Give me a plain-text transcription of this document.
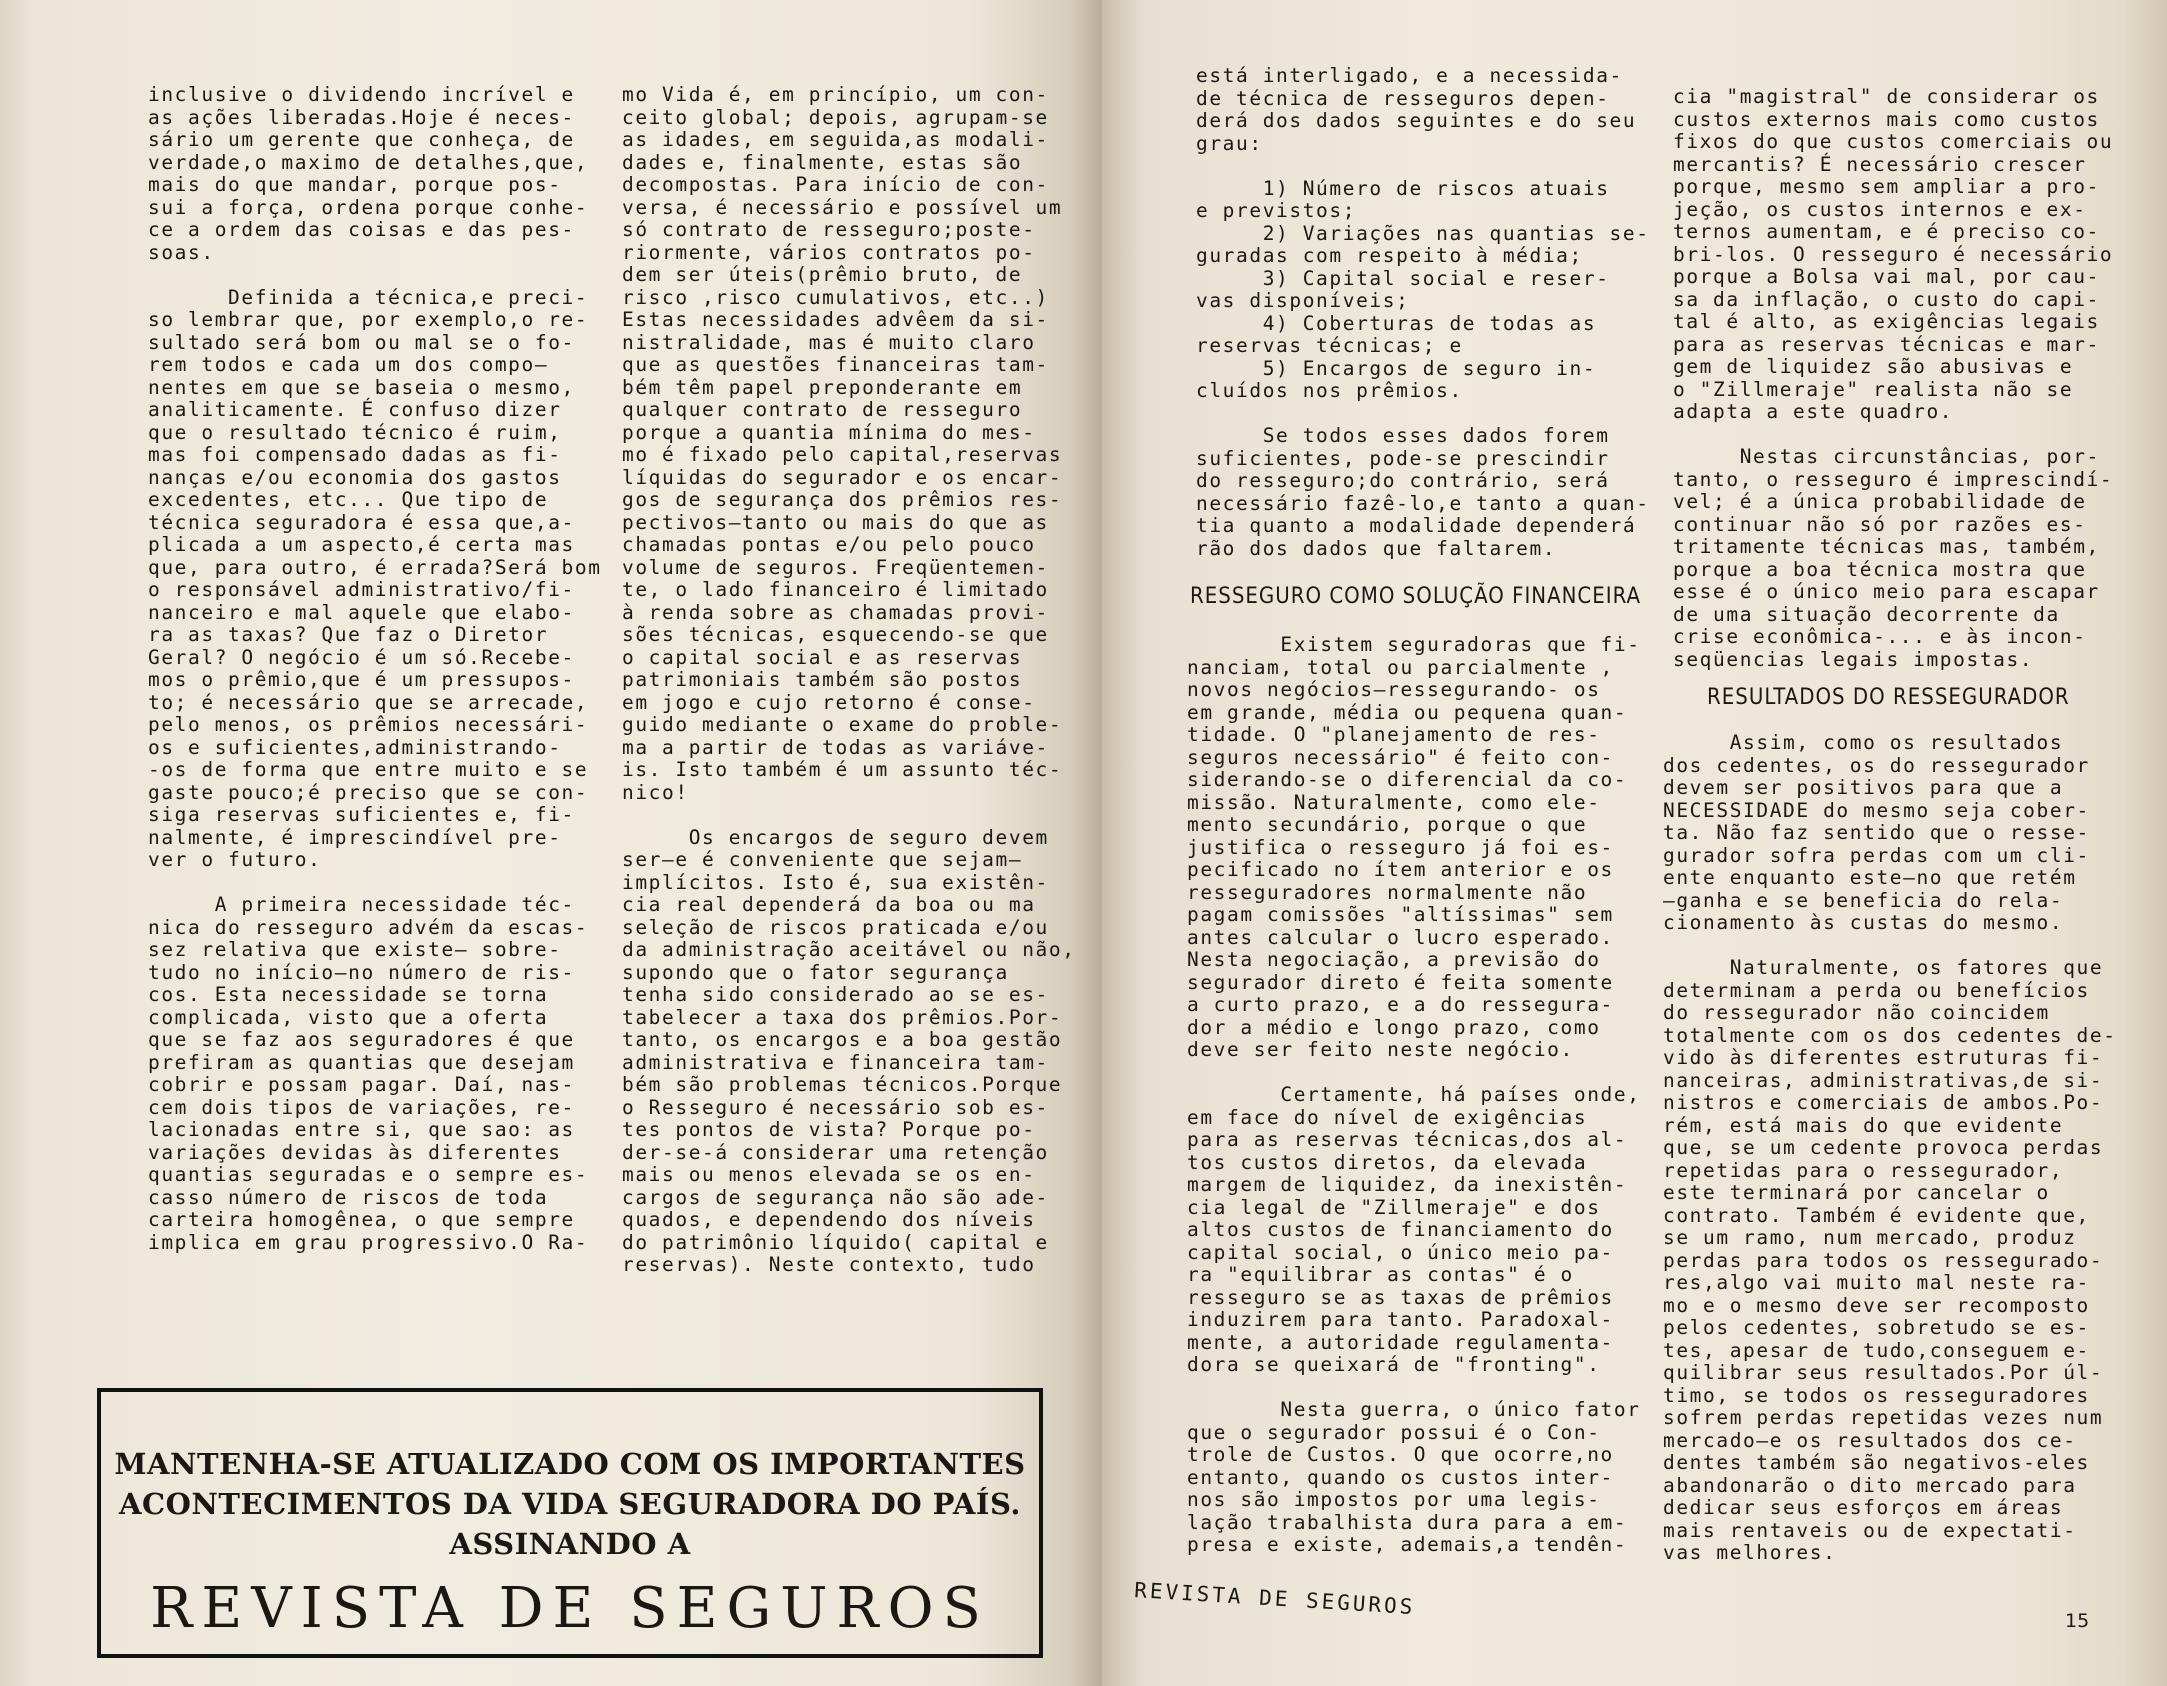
inclusive o dividendo incrível e
as ações liberadas.Hoje é neces-
sário um gerente que conheça, de
verdade,o maximo de detalhes,que,
mais do que mandar, porque pos-
sui a força, ordena porque conhe-
ce a ordem das coisas e das pes-
soas.

Definida a técnica,e preci-
so lembrar que, por exemplo,o re-
sultado será bom ou mal se o fo-
rem todos e cada um dos compo—
nentes em que se baseia o mesmo,
analiticamente. É confuso dizer
que o resultado técnico é ruim,
mas foi compensado dadas as fi-
nanças e/ou economia dos gastos
excedentes, etc... Que tipo de
técnica seguradora é essa que,a-
plicada a um aspecto,é certa mas
que, para outro, é errada?Será bom
o responsável administrativo/fi-
nanceiro e mal aquele que elabo-
ra as taxas? Que faz o Diretor
Geral? O negócio é um só.Recebe-
mos o prêmio,que é um pressupos-
to; é necessário que se arrecade,
pelo menos, os prêmios necessári-
os e suficientes,administrando-
-os de forma que entre muito e se
gaste pouco;é preciso que se con-
siga reservas suficientes e, fi-
nalmente, é imprescindível pre-
ver o futuro.

A primeira necessidade téc-
nica do resseguro advém da escas-
sez relativa que existe— sobre-
tudo no início—no número de ris-
cos. Esta necessidade se torna
complicada, visto que a oferta
que se faz aos seguradores é que
prefiram as quantias que desejam
cobrir e possam pagar. Daí, nas-
cem dois tipos de variações, re-
lacionadas entre si, que sao: as
variações devidas às diferentes
quantias seguradas e o sempre es-
casso número de riscos de toda
carteira homogênea, o que sempre
implica em grau progressivo.O Ra-

mo Vida é, em princípio, um con-
ceito global; depois, agrupam-se
as idades, em seguida,as modali-
dades e, finalmente, estas são
decompostas. Para início de con-
versa, é necessário e possível um
só contrato de resseguro;poste-
riormente, vários contratos po-
dem ser úteis(prêmio bruto, de
risco ,risco cumulativos, etc..)
Estas necessidades advêem da si-
nistralidade, mas é muito claro
que as questões financeiras tam-
bém têm papel preponderante em
qualquer contrato de resseguro
porque a quantia mínima do mes-
mo é fixado pelo capital,reservas
líquidas do segurador e os encar-
gos de segurança dos prêmios res-
pectivos—tanto ou mais do que as
chamadas pontas e/ou pelo pouco
volume de seguros. Freqüentemen-
te, o lado financeiro é limitado
à renda sobre as chamadas provi-
sões técnicas, esquecendo-se que
o capital social e as reservas
patrimoniais também são postos
em jogo e cujo retorno é conse-
guido mediante o exame do proble-
ma a partir de todas as variáve-
is. Isto também é um assunto téc-
nico!

Os encargos de seguro devem
ser—e é conveniente que sejam—
implícitos. Isto é, sua existên-
cia real dependerá da boa ou ma
seleção de riscos praticada e/ou
da administração aceitável ou não,
supondo que o fator segurança
tenha sido considerado ao se es-
tabelecer a taxa dos prêmios.Por-
tanto, os encargos e a boa gestão
administrativa e financeira tam-
bém são problemas técnicos.Porque
o Resseguro é necessário sob es-
tes pontos de vista? Porque po-
der-se-á considerar uma retenção
mais ou menos elevada se os en-
cargos de segurança não são ade-
quados, e dependendo dos níveis
do patrimônio líquido( capital e
reservas). Neste contexto, tudo

MANTENHA-SE ATUALIZADO COM OS IMPORTANTES

ACONTECIMENTOS DA VIDA SEGURADORA DO PAÍS.

ASSINANDO A

REVISTA DE SEGUROS

está interligado, e a necessida-
de técnica de resseguros depen-
derá dos dados seguintes e do seu
grau:

1) Número de riscos atuais
e previstos;
2) Variações nas quantias se-
guradas com respeito à média;
3) Capital social e reser-
vas disponíveis;
4) Coberturas de todas as
reservas técnicas; e
5) Encargos de seguro in-
cluídos nos prêmios.

Se todos esses dados forem
suficientes, pode-se prescindir
do resseguro;do contrário, será
necessário fazê-lo,e tanto a quan-
tia quanto a modalidade dependerá
rão dos dados que faltarem.

RESSEGURO COMO SOLUÇÃO FINANCEIRA

Existem seguradoras que fi-
nanciam, total ou parcialmente ,
novos negócios—ressegurando- os
em grande, média ou pequena quan-
tidade. O "planejamento de res-
seguros necessário" é feito con-
siderando-se o diferencial da co-
missão. Naturalmente, como ele-
mento secundário, porque o que
justifica o resseguro já foi es-
pecificado no ítem anterior e os
resseguradores normalmente não
pagam comissões "altíssimas" sem
antes calcular o lucro esperado.
Nesta negociação, a previsão do
segurador direto é feita somente
a curto prazo, e a do ressegura-
dor a médio e longo prazo, como
deve ser feito neste negócio.

Certamente, há países onde,
em face do nível de exigências
para as reservas técnicas,dos al-
tos custos diretos, da elevada
margem de liquidez, da inexistên-
cia legal de "Zillmeraje" e dos
altos custos de financiamento do
capital social, o único meio pa-
ra "equilibrar as contas" é o
resseguro se as taxas de prêmios
induzirem para tanto. Paradoxal-
mente, a autoridade regulamenta-
dora se queixará de "fronting".

Nesta guerra, o único fator
que o segurador possui é o Con-
trole de Custos. O que ocorre,no
entanto, quando os custos inter-
nos são impostos por uma legis-
lação trabalhista dura para a em-
presa e existe, ademais,a tendên-

cia "magistral" de considerar os
custos externos mais como custos
fixos do que custos comerciais ou
mercantis? É necessário crescer
porque, mesmo sem ampliar a pro-
jeção, os custos internos e ex-
ternos aumentam, e é preciso co-
bri-los. O resseguro é necessário
porque a Bolsa vai mal, por cau-
sa da inflação, o custo do capi-
tal é alto, as exigências legais
para as reservas técnicas e mar-
gem de liquidez são abusivas e
o "Zillmeraje" realista não se
adapta a este quadro.

Nestas circunstâncias, por-
tanto, o resseguro é imprescindí-
vel; é a única probabilidade de
continuar não só por razões es-
tritamente técnicas mas, também,
porque a boa técnica mostra que
esse é o único meio para escapar
de uma situação decorrente da
crise econômica-... e às incon-
seqüencias legais impostas.

RESULTADOS DO RESSEGURADOR

Assim, como os resultados
dos cedentes, os do ressegurador
devem ser positivos para que a
NECESSIDADE do mesmo seja cober-
ta. Não faz sentido que o resse-
gurador sofra perdas com um cli-
ente enquanto este—no que retém
—ganha e se beneficia do rela-
cionamento às custas do mesmo.

Naturalmente, os fatores que
determinam a perda ou benefícios
do ressegurador não coincidem
totalmente com os dos cedentes de-
vido às diferentes estruturas fi-
nanceiras, administrativas,de si-
nistros e comerciais de ambos.Po-
rém, está mais do que evidente
que, se um cedente provoca perdas
repetidas para o ressegurador,
este terminará por cancelar o
contrato. Também é evidente que,
se um ramo, num mercado, produz
perdas para todos os ressegurado-
res,algo vai muito mal neste ra-
mo e o mesmo deve ser recomposto
pelos cedentes, sobretudo se es-
tes, apesar de tudo,conseguem e-
quilibrar seus resultados.Por úl-
timo, se todos os resseguradores
sofrem perdas repetidas vezes num
mercado—e os resultados dos ce-
dentes também são negativos-eles
abandonarão o dito mercado para
dedicar seus esforços em áreas
mais rentaveis ou de expectati-
vas melhores.

REVISTA DE SEGUROS

15
